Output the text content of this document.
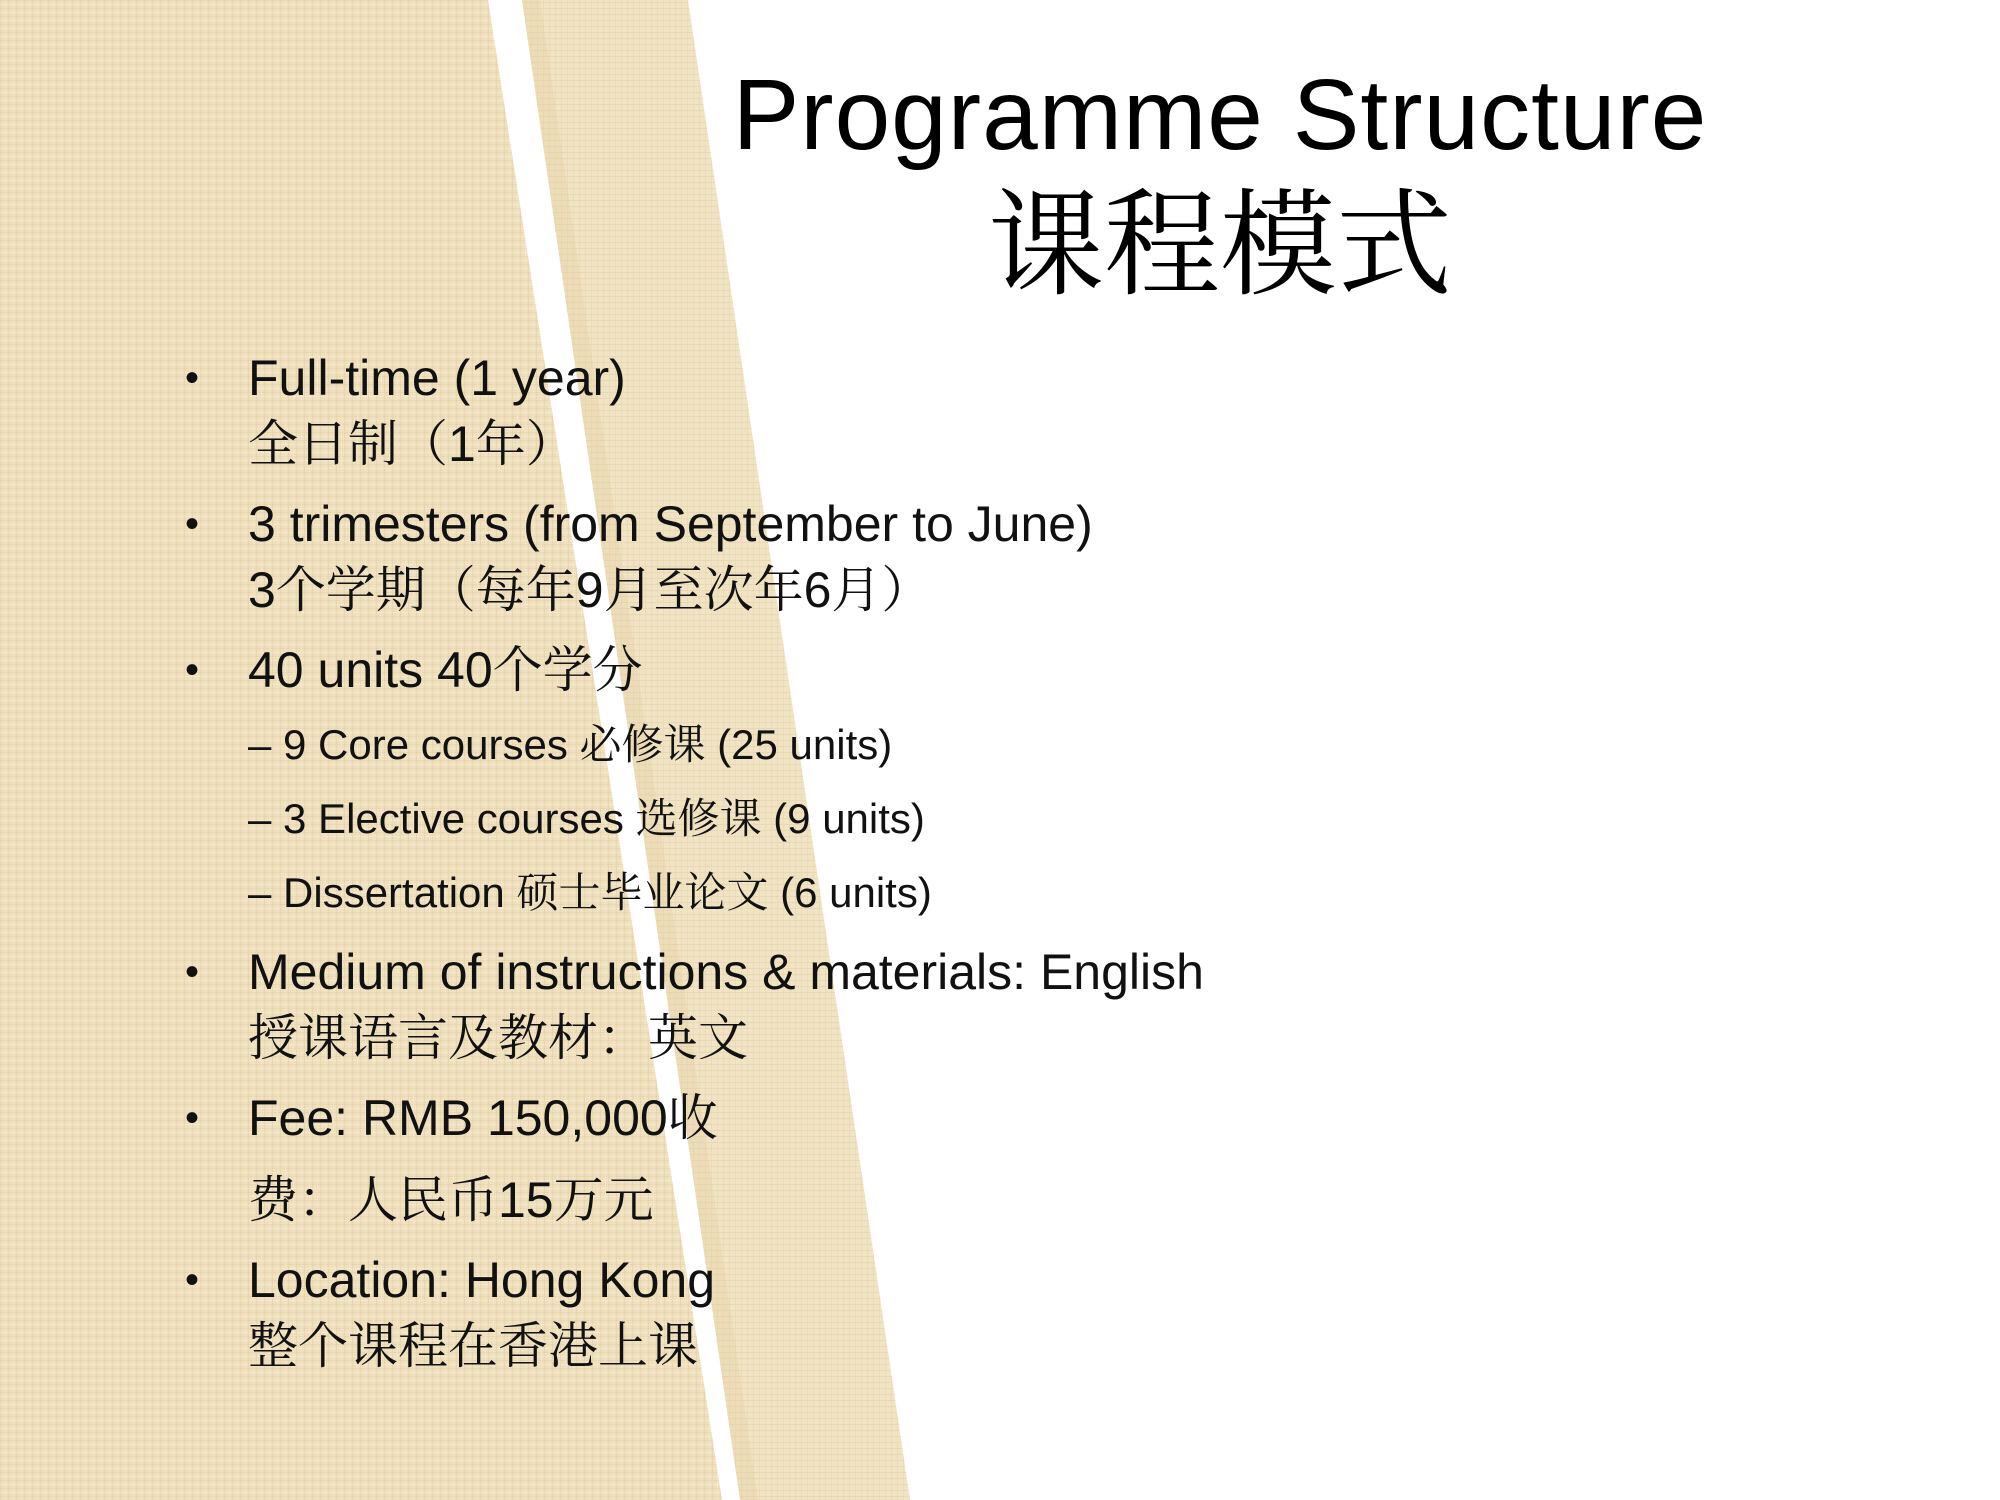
Programme Structure
课程模式
• Full-time (1 year)
全日制（1年）
• 3 trimesters (from September to June)
3个学期（每年9月至次年6月）
• 40 units 40个学分
– 9 Core courses 必修课 (25 units)
– 3 Elective courses 选修课 (9 units)
– Dissertation 硕士毕业论文 (6 units)
• Medium of instructions & materials: English
授课语言及教材：英文
• Fee: RMB 150,000收
费：人民币15万元
• Location: Hong Kong
整个课程在香港上课
